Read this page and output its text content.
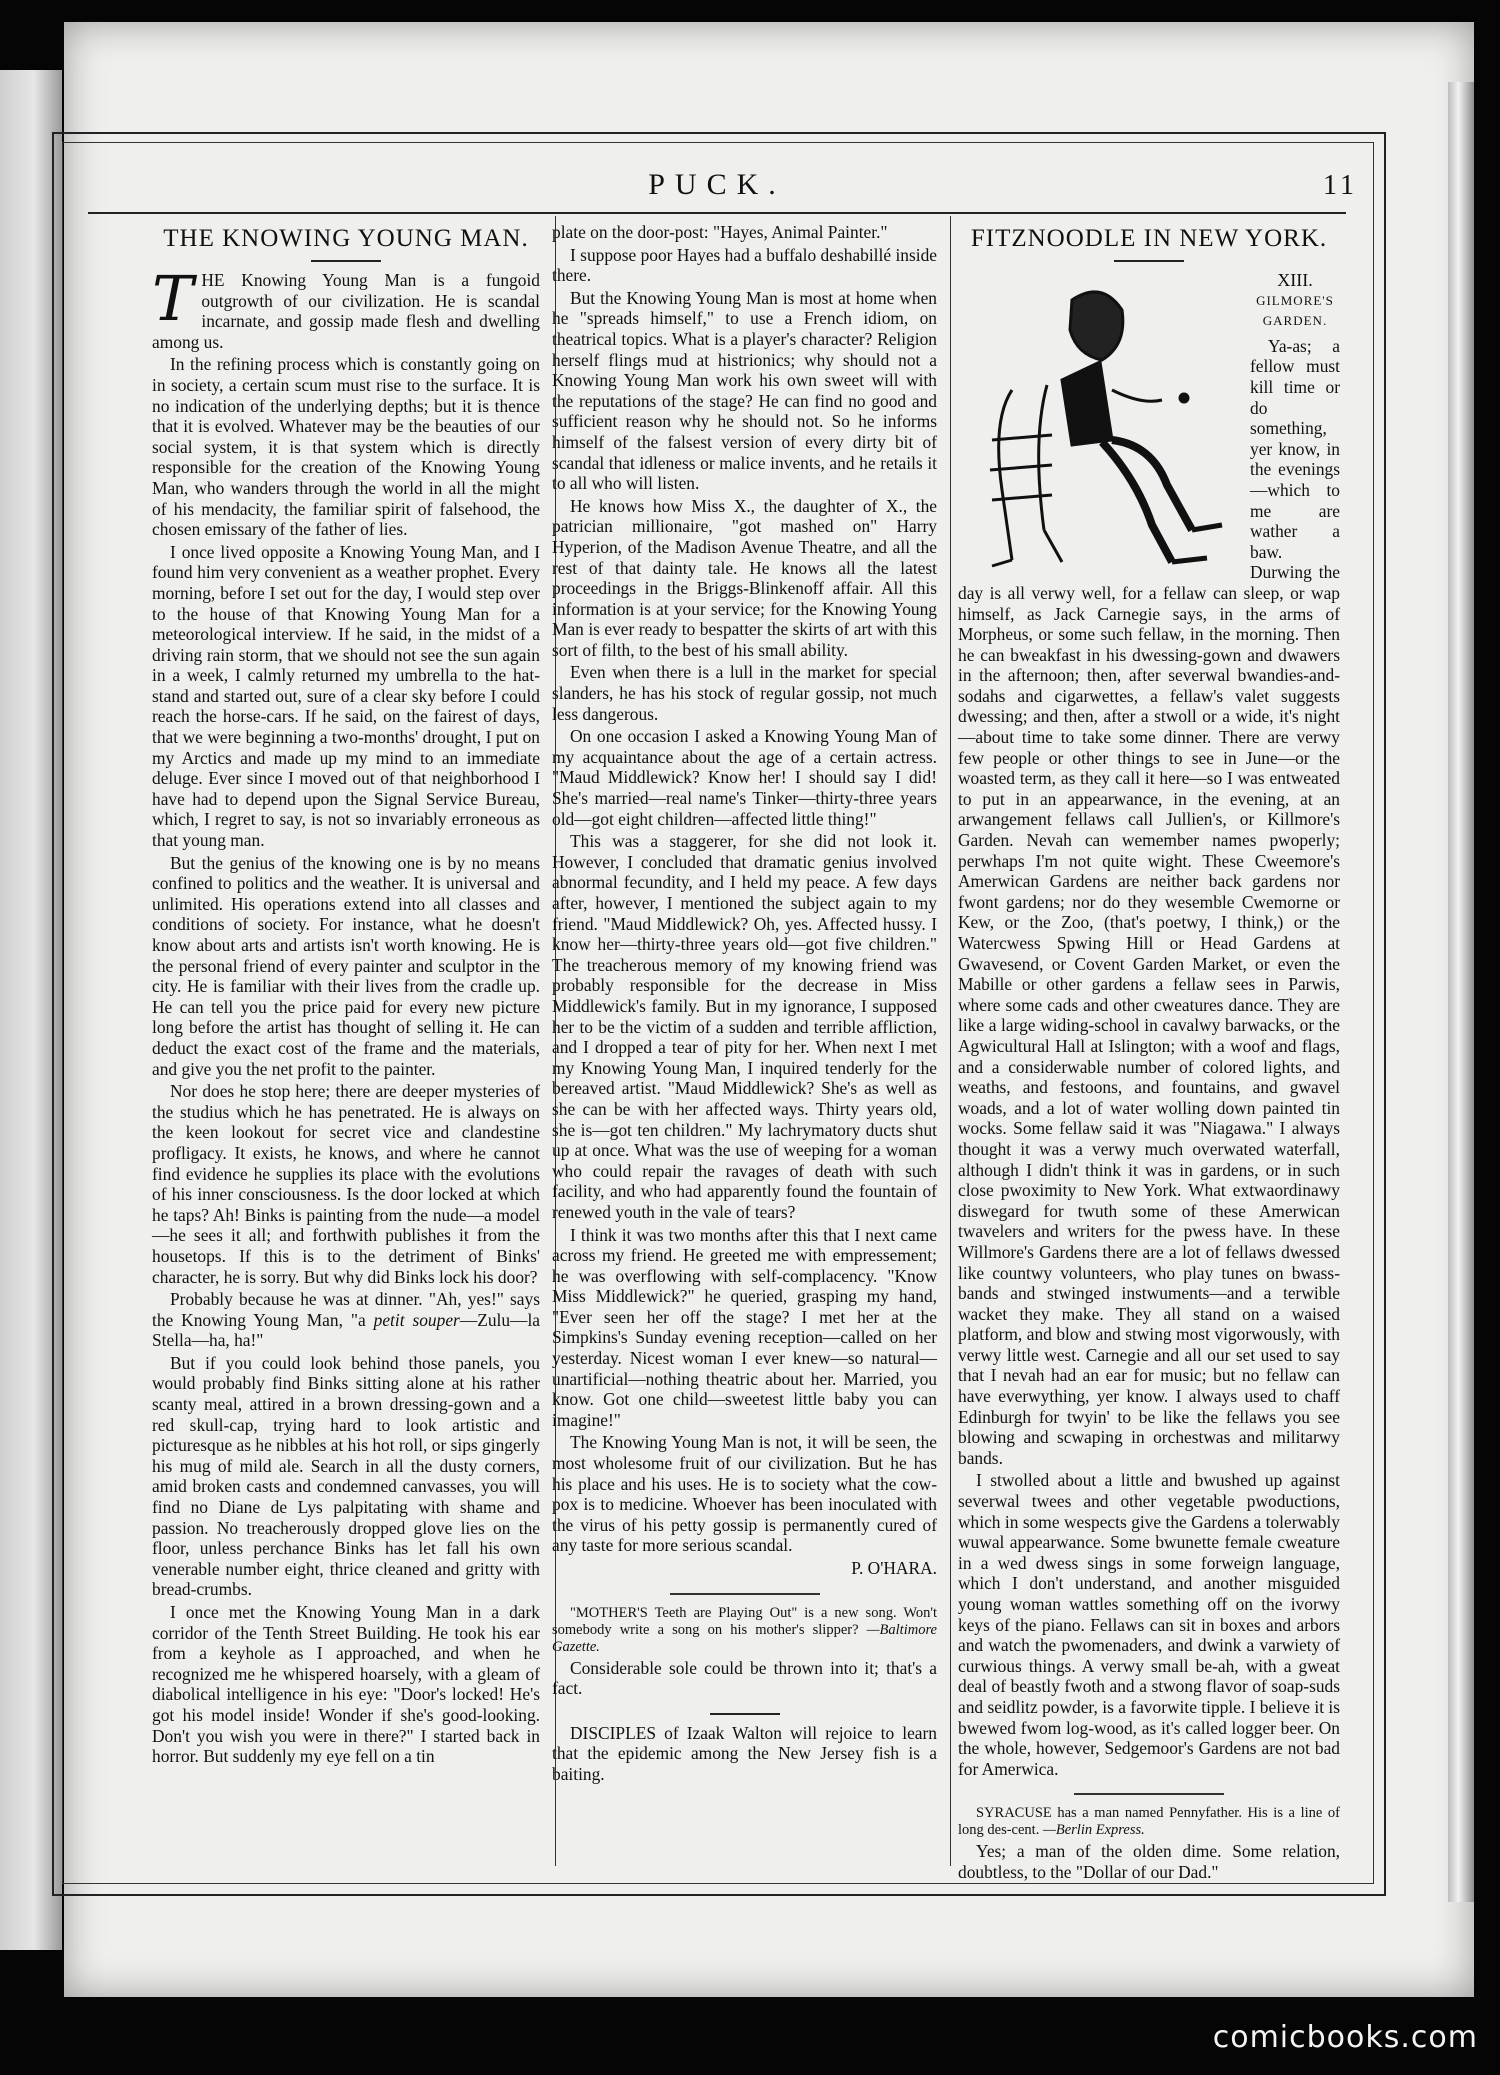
PUCK.	11
THE KNOWING YOUNG MAN.

THE Knowing Young Man is a fungoid outgrowth of our civilization. He is scandal incarnate, and gossip made flesh and dwelling among us.

In the refining process which is constantly going on in society, a certain scum must rise to the surface. It is no indication of the underlying depths; but it is thence that it is evolved. Whatever may be the beauties of our social system, it is that system which is directly responsible for the creation of the Knowing Young Man, who wanders through the world in all the might of his mendacity, the familiar spirit of falsehood, the chosen emissary of the father of lies.

I once lived opposite a Knowing Young Man, and I found him very convenient as a weather prophet. Every morning, before I set out for the day, I would step over to the house of that Knowing Young Man for a meteorological interview. If he said, in the midst of a driving rain storm, that we should not see the sun again in a week, I calmly returned my umbrella to the hat-stand and started out, sure of a clear sky before I could reach the horse-cars. If he said, on the fairest of days, that we were beginning a two-months' drought, I put on my Arctics and made up my mind to an immediate deluge. Ever since I moved out of that neighborhood I have had to depend upon the Signal Service Bureau, which, I regret to say, is not so invariably erroneous as that young man.

But the genius of the knowing one is by no means confined to politics and the weather. It is universal and unlimited. His operations extend into all classes and conditions of society. For instance, what he doesn't know about arts and artists isn't worth knowing. He is the personal friend of every painter and sculptor in the city. He is familiar with their lives from the cradle up. He can tell you the price paid for every new picture long before the artist has thought of selling it. He can deduct the exact cost of the frame and the materials, and give you the net profit to the painter.

Nor does he stop here; there are deeper mysteries of the studius which he has penetrated. He is always on the keen lookout for secret vice and clandestine profligacy. It exists, he knows, and where he cannot find evidence he supplies its place with the evolutions of his inner consciousness. Is the door locked at which he taps? Ah! Binks is painting from the nude—a model—he sees it all; and forthwith publishes it from the housetops. If this is to the detriment of Binks' character, he is sorry. But why did Binks lock his door?

Probably because he was at dinner. "Ah, yes!" says the Knowing Young Man, "a petit souper—Zulu—la Stella—ha, ha!"

But if you could look behind those panels, you would probably find Binks sitting alone at his rather scanty meal, attired in a brown dressing-gown and a red skull-cap, trying hard to look artistic and picturesque as he nibbles at his hot roll, or sips gingerly his mug of mild ale. Search in all the dusty corners, amid broken casts and condemned canvasses, you will find no Diane de Lys palpitating with shame and passion. No treacherously dropped glove lies on the floor, unless perchance Binks has let fall his own venerable number eight, thrice cleaned and gritty with bread-crumbs.

I once met the Knowing Young Man in a dark corridor of the Tenth Street Building. He took his ear from a keyhole as I approached, and when he recognized me he whispered hoarsely, with a gleam of diabolical intelligence in his eye: "Door's locked! He's got his model inside! Wonder if she's good-looking. Don't you wish you were in there?" I started back in horror. But suddenly my eye fell on a tin

plate on the door-post: "Hayes, Animal Painter."

I suppose poor Hayes had a buffalo deshabillé inside there.

But the Knowing Young Man is most at home when he "spreads himself," to use a French idiom, on theatrical topics. What is a player's character? Religion herself flings mud at histrionics; why should not a Knowing Young Man work his own sweet will with the reputations of the stage? He can find no good and sufficient reason why he should not. So he informs himself of the falsest version of every dirty bit of scandal that idleness or malice invents, and he retails it to all who will listen.

He knows how Miss X., the daughter of X., the patrician millionaire, "got mashed on" Harry Hyperion, of the Madison Avenue Theatre, and all the rest of that dainty tale. He knows all the latest proceedings in the Briggs-Blinkenoff affair. All this information is at your service; for the Knowing Young Man is ever ready to bespatter the skirts of art with this sort of filth, to the best of his small ability.

Even when there is a lull in the market for special slanders, he has his stock of regular gossip, not much less dangerous.

On one occasion I asked a Knowing Young Man of my acquaintance about the age of a certain actress. "Maud Middlewick? Know her! I should say I did! She's married—real name's Tinker—thirty-three years old—got eight children—affected little thing!"

This was a staggerer, for she did not look it. However, I concluded that dramatic genius involved abnormal fecundity, and I held my peace. A few days after, however, I mentioned the subject again to my friend. "Maud Middlewick? Oh, yes. Affected hussy. I know her—thirty-three years old—got five children." The treacherous memory of my knowing friend was probably responsible for the decrease in Miss Middlewick's family. But in my ignorance, I supposed her to be the victim of a sudden and terrible affliction, and I dropped a tear of pity for her. When next I met my Knowing Young Man, I inquired tenderly for the bereaved artist. "Maud Middlewick? She's as well as she can be with her affected ways. Thirty years old, she is—got ten children." My lachrymatory ducts shut up at once. What was the use of weeping for a woman who could repair the ravages of death with such facility, and who had apparently found the fountain of renewed youth in the vale of tears?

I think it was two months after this that I next came across my friend. He greeted me with empressement; he was overflowing with self-complacency. "Know Miss Middlewick?" he queried, grasping my hand, "Ever seen her off the stage? I met her at the Simpkins's Sunday evening reception—called on her yesterday. Nicest woman I ever knew—so natural—unartificial—nothing theatric about her. Married, you know. Got one child—sweetest little baby you can imagine!"

The Knowing Young Man is not, it will be seen, the most wholesome fruit of our civilization. But he has his place and his uses. He is to society what the cow-pox is to medicine. Whoever has been inoculated with the virus of his petty gossip is permanently cured of any taste for more serious scandal.

P. O'HARA.

"MOTHER'S Teeth are Playing Out" is a new song. Won't somebody write a song on his mother's slipper? —Baltimore Gazette.

Considerable sole could be thrown into it; that's a fact.

DISCIPLES of Izaak Walton will rejoice to learn that the epidemic among the New Jersey fish is a baiting.

FITZNOODLE IN NEW YORK.
XIII.
GILMORE'S GARDEN.

Ya-as; a fellow must kill time or do something, yer know, in the evenings—which to me are wather a baw. Durwing the day is all verwy well, for a fellaw can sleep, or wap himself, as Jack Carnegie says, in the arms of Morpheus, or some such fellaw, in the morning. Then he can bweakfast in his dwessing-gown and dwawers in the afternoon; then, after severwal bwandies-and-sodahs and cigarwettes, a fellaw's valet suggests dwessing; and then, after a stwoll or a wide, it's night—about time to take some dinner. There are verwy few people or other things to see in June—or the woasted term, as they call it here—so I was entweated to put in an appearwance, in the evening, at an arwangement fellaws call Jullien's, or Killmore's Garden. Nevah can wemember names pwoperly; perwhaps I'm not quite wight. These Cweemore's Amerwican Gardens are neither back gardens nor fwont gardens; nor do they wesemble Cwemorne or Kew, or the Zoo, (that's poetwy, I think,) or the Watercwess Spwing Hill or Head Gardens at Gwavesend, or Covent Garden Market, or even the Mabille or other gardens a fellaw sees in Parwis, where some cads and other cweatures dance. They are like a large widing-school in cavalwy barwacks, or the Agwicultural Hall at Islington; with a woof and flags, and a considerwable number of colored lights, and weaths, and festoons, and fountains, and gwavel woads, and a lot of water wolling down painted tin wocks. Some fellaw said it was "Niagawa." I always thought it was a verwy much overwated waterfall, although I didn't think it was in gardens, or in such close pwoximity to New York. What extwaordinawy diswegard for twuth some of these Amerwican twavelers and writers for the pwess have. In these Willmore's Gardens there are a lot of fellaws dwessed like countwy volunteers, who play tunes on bwass-bands and stwinged instwuments—and a terwible wacket they make. They all stand on a waised platform, and blow and stwing most vigorwously, with verwy little west. Carnegie and all our set used to say that I nevah had an ear for music; but no fellaw can have everwything, yer know. I always used to chaff Edinburgh for twyin' to be like the fellaws you see blowing and scwaping in orchestwas and militarwy bands.

I stwolled about a little and bwushed up against severwal twees and other vegetable pwoductions, which in some wespects give the Gardens a tolerwably wuwal appearwance. Some bwunette female cweature in a wed dwess sings in some forweign language, which I don't understand, and another misguided young woman wattles something off on the ivorwy keys of the piano. Fellaws can sit in boxes and arbors and watch the pwomenaders, and dwink a varwiety of curwious things. A verwy small be-ah, with a gweat deal of beastly fwoth and a stwong flavor of soap-suds and seidlitz powder, is a favorwite tipple. I believe it is bwewed fwom log-wood, as it's called logger beer. On the whole, however, Sedgemoor's Gardens are not bad for Amerwica.

SYRACUSE has a man named Pennyfather. His is a line of long des-cent. —Berlin Express.

Yes; a man of the olden dime. Some relation, doubtless, to the "Dollar of our Dad."

comicbooks.com
